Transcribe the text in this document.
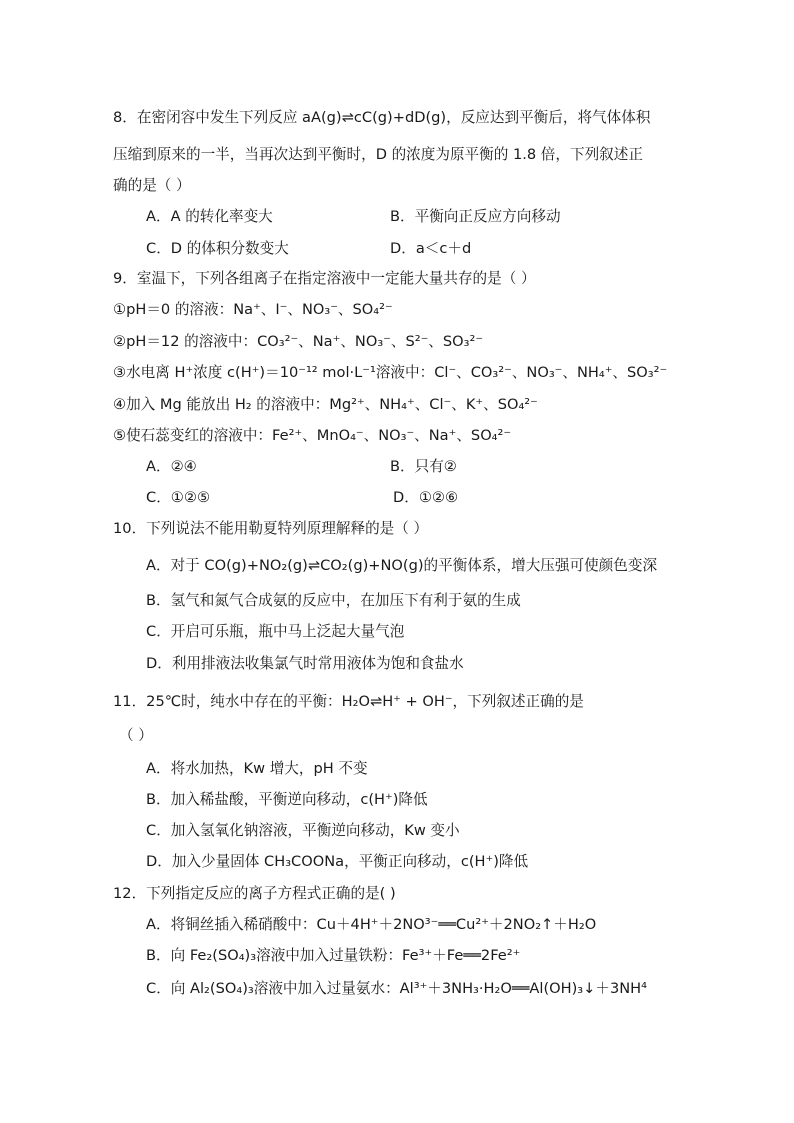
8．在密闭容中发生下列反应 aA(g)⇌cC(g)+dD(g)，反应达到平衡后，将气体体积
压缩到原来的一半，当再次达到平衡时，D 的浓度为原平衡的 1.8 倍，下列叙述正
确的是（ ）
A．A 的转化率变大	B．平衡向正反应方向移动
C．D 的体积分数变大	D．a＜c＋d
9．室温下，下列各组离子在指定溶液中一定能大量共存的是（ ）
①pH＝0 的溶液：Na⁺、I⁻、NO₃⁻、SO₄²⁻
②pH＝12 的溶液中：CO₃²⁻、Na⁺、NO₃⁻、S²⁻、SO₃²⁻
③水电离 H⁺浓度 c(H⁺)＝10⁻¹² mol·L⁻¹溶液中：Cl⁻、CO₃²⁻、NO₃⁻、NH₄⁺、SO₃²⁻
④加入 Mg 能放出 H₂ 的溶液中：Mg²⁺、NH₄⁺、Cl⁻、K⁺、SO₄²⁻
⑤使石蕊变红的溶液中：Fe²⁺、MnO₄⁻、NO₃⁻、Na⁺、SO₄²⁻
A．②④	B．只有②
C．①②⑤	D．①②⑥
10．下列说法不能用勒夏特列原理解释的是（ ）
A．对于 CO(g)+NO₂(g)⇌CO₂(g)+NO(g)的平衡体系，增大压强可使颜色变深
B．氢气和氮气合成氨的反应中，在加压下有利于氨的生成
C．开启可乐瓶，瓶中马上泛起大量气泡
D．利用排液法收集氯气时常用液体为饱和食盐水
11．25℃时，纯水中存在的平衡：H₂O⇌H⁺ + OH⁻，下列叙述正确的是
（ ）
A．将水加热，Kw 增大，pH 不变
B．加入稀盐酸，平衡逆向移动，c(H⁺)降低
C．加入氢氧化钠溶液，平衡逆向移动，Kw 变小
D．加入少量固体 CH₃COONa，平衡正向移动，c(H⁺)降低
12．下列指定反应的离子方程式正确的是( )
A．将铜丝插入稀硝酸中：Cu＋4H⁺＋2NO³⁻══Cu²⁺＋2NO₂↑＋H₂O
B．向 Fe₂(SO₄)₃溶液中加入过量铁粉：Fe³⁺＋Fe══2Fe²⁺
C．向 Al₂(SO₄)₃溶液中加入过量氨水：Al³⁺＋3NH₃·H₂O══Al(OH)₃↓＋3NH⁴
